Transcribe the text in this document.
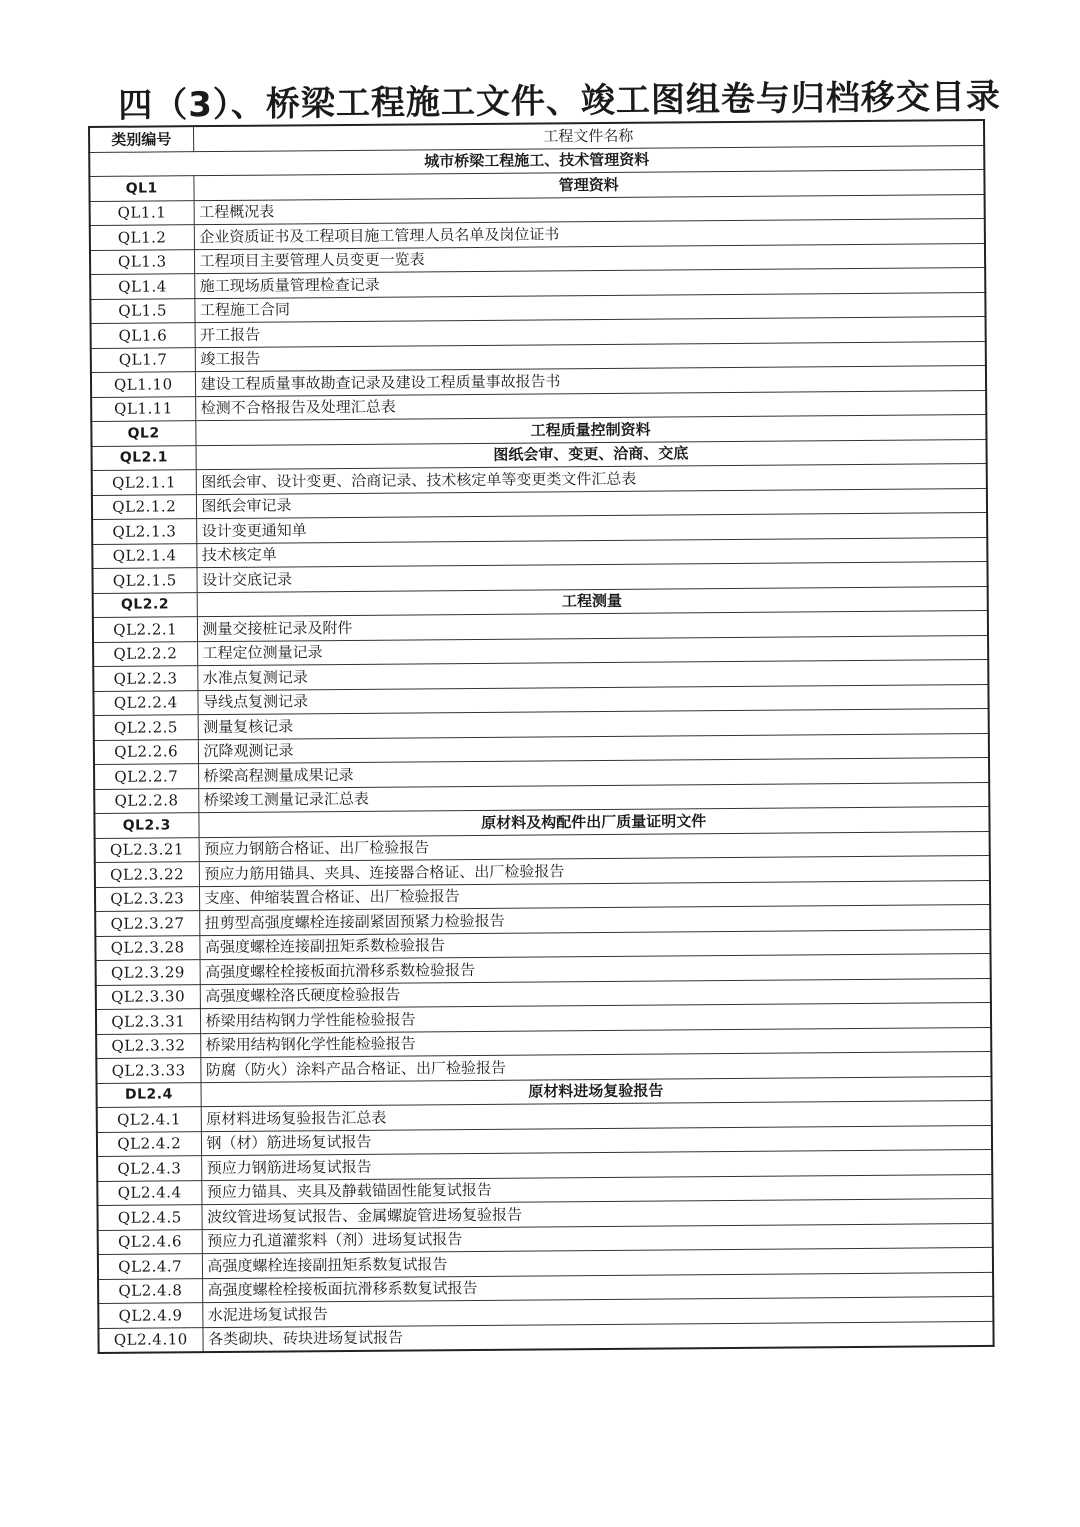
四（3）、桥梁工程施工文件、竣工图组卷与归档移交目录
类别编号	工程文件名称
城市桥梁工程施工、技术管理资料	
QL1	管理资料
QL1.1	工程概况表
QL1.2	企业资质证书及工程项目施工管理人员名单及岗位证书
QL1.3	工程项目主要管理人员变更一览表
QL1.4	施工现场质量管理检查记录
QL1.5	工程施工合同
QL1.6	开工报告
QL1.7	竣工报告
QL1.10	建设工程质量事故勘查记录及建设工程质量事故报告书
QL1.11	检测不合格报告及处理汇总表
QL2	工程质量控制资料
QL2.1	图纸会审、变更、洽商、交底
QL2.1.1	图纸会审、设计变更、洽商记录、技术核定单等变更类文件汇总表
QL2.1.2	图纸会审记录
QL2.1.3	设计变更通知单
QL2.1.4	技术核定单
QL2.1.5	设计交底记录
QL2.2	工程测量
QL2.2.1	测量交接桩记录及附件
QL2.2.2	工程定位测量记录
QL2.2.3	水准点复测记录
QL2.2.4	导线点复测记录
QL2.2.5	测量复核记录
QL2.2.6	沉降观测记录
QL2.2.7	桥梁高程测量成果记录
QL2.2.8	桥梁竣工测量记录汇总表
QL2.3	原材料及构配件出厂质量证明文件
QL2.3.21	预应力钢筋合格证、出厂检验报告
QL2.3.22	预应力筋用锚具、夹具、连接器合格证、出厂检验报告
QL2.3.23	支座、伸缩装置合格证、出厂检验报告
QL2.3.27	扭剪型高强度螺栓连接副紧固预紧力检验报告
QL2.3.28	高强度螺栓连接副扭矩系数检验报告
QL2.3.29	高强度螺栓栓接板面抗滑移系数检验报告
QL2.3.30	高强度螺栓洛氏硬度检验报告
QL2.3.31	桥梁用结构钢力学性能检验报告
QL2.3.32	桥梁用结构钢化学性能检验报告
QL2.3.33	防腐（防火）涂料产品合格证、出厂检验报告
DL2.4	原材料进场复验报告
QL2.4.1	原材料进场复验报告汇总表
QL2.4.2	钢（材）筋进场复试报告
QL2.4.3	预应力钢筋进场复试报告
QL2.4.4	预应力锚具、夹具及静载锚固性能复试报告
QL2.4.5	波纹管进场复试报告、金属螺旋管进场复验报告
QL2.4.6	预应力孔道灌浆料（剂）进场复试报告
QL2.4.7	高强度螺栓连接副扭矩系数复试报告
QL2.4.8	高强度螺栓栓接板面抗滑移系数复试报告
QL2.4.9	水泥进场复试报告
QL2.4.10	各类砌块、砖块进场复试报告
